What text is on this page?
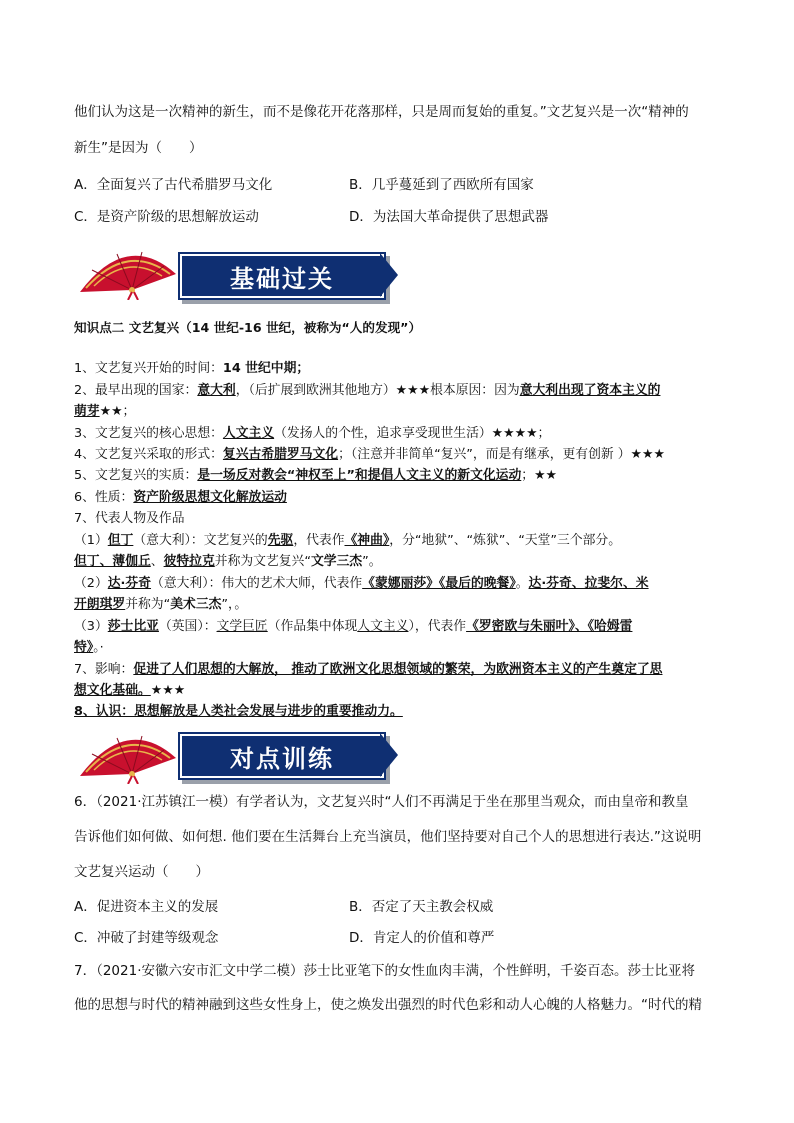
他们认为这是一次精神的新生，而不是像花开花落那样，只是周而复始的重复。”文艺复兴是一次“精神的
新生”是因为（　　）
A．全面复兴了古代希腊罗马文化	B．几乎蔓延到了西欧所有国家
C．是资产阶级的思想解放运动	D．为法国大革命提供了思想武器
基础过关
知识点二 文艺复兴（14 世纪-16 世纪，被称为“人的发现”）
1、文艺复兴开始的时间：14 世纪中期；
2、最早出现的国家：意大利，（后扩展到欧洲其他地方）★★★根本原因：因为意大利出现了资本主义的
萌芽★★；
3、文艺复兴的核心思想：人文主义（发扬人的个性，追求享受现世生活）★★★★；
4、文艺复兴采取的形式：复兴古希腊罗马文化；（注意并非简单“复兴”，而是有继承，更有创新 ）★★★
5、文艺复兴的实质：是一场反对教会“神权至上”和提倡人文主义的新文化运动；★★
6、性质：资产阶级思想文化解放运动
7、代表人物及作品
（1）但丁（意大利）：文艺复兴的先驱，代表作《神曲》，分“地狱”、“炼狱”、“天堂”三个部分。
但丁、薄伽丘、彼特拉克并称为文艺复兴“文学三杰”。
（2）达·芬奇（意大利）：伟大的艺术大师，代表作《蒙娜丽莎》《最后的晚餐》。达·芬奇、拉斐尔、米
开朗琪罗并称为“美术三杰”，。
（3）莎士比亚（英国）：文学巨匠（作品集中体现人文主义），代表作《罗密欧与朱丽叶》、《哈姆雷
特》。·
7、影响：促进了人们思想的大解放， 推动了欧洲文化思想领域的繁荣，为欧洲资本主义的产生奠定了思
想文化基础。★★★
8、认识：思想解放是人类社会发展与进步的重要推动力。
对点训练
6．（2021·江苏镇江一模）有学者认为，文艺复兴时“人们不再满足于坐在那里当观众，而由皇帝和教皇
告诉他们如何做、如何想. 他们要在生活舞台上充当演员，他们坚持要对自己个人的思想进行表达.”这说明
文艺复兴运动（　　）
A．促进资本主义的发展	B．否定了天主教会权威
C．冲破了封建等级观念	D．肯定人的价值和尊严
7．（2021·安徽六安市汇文中学二模）莎士比亚笔下的女性血肉丰满，个性鲜明，千姿百态。莎士比亚将
他的思想与时代的精神融到这些女性身上，使之焕发出强烈的时代色彩和动人心魄的人格魅力。“时代的精
